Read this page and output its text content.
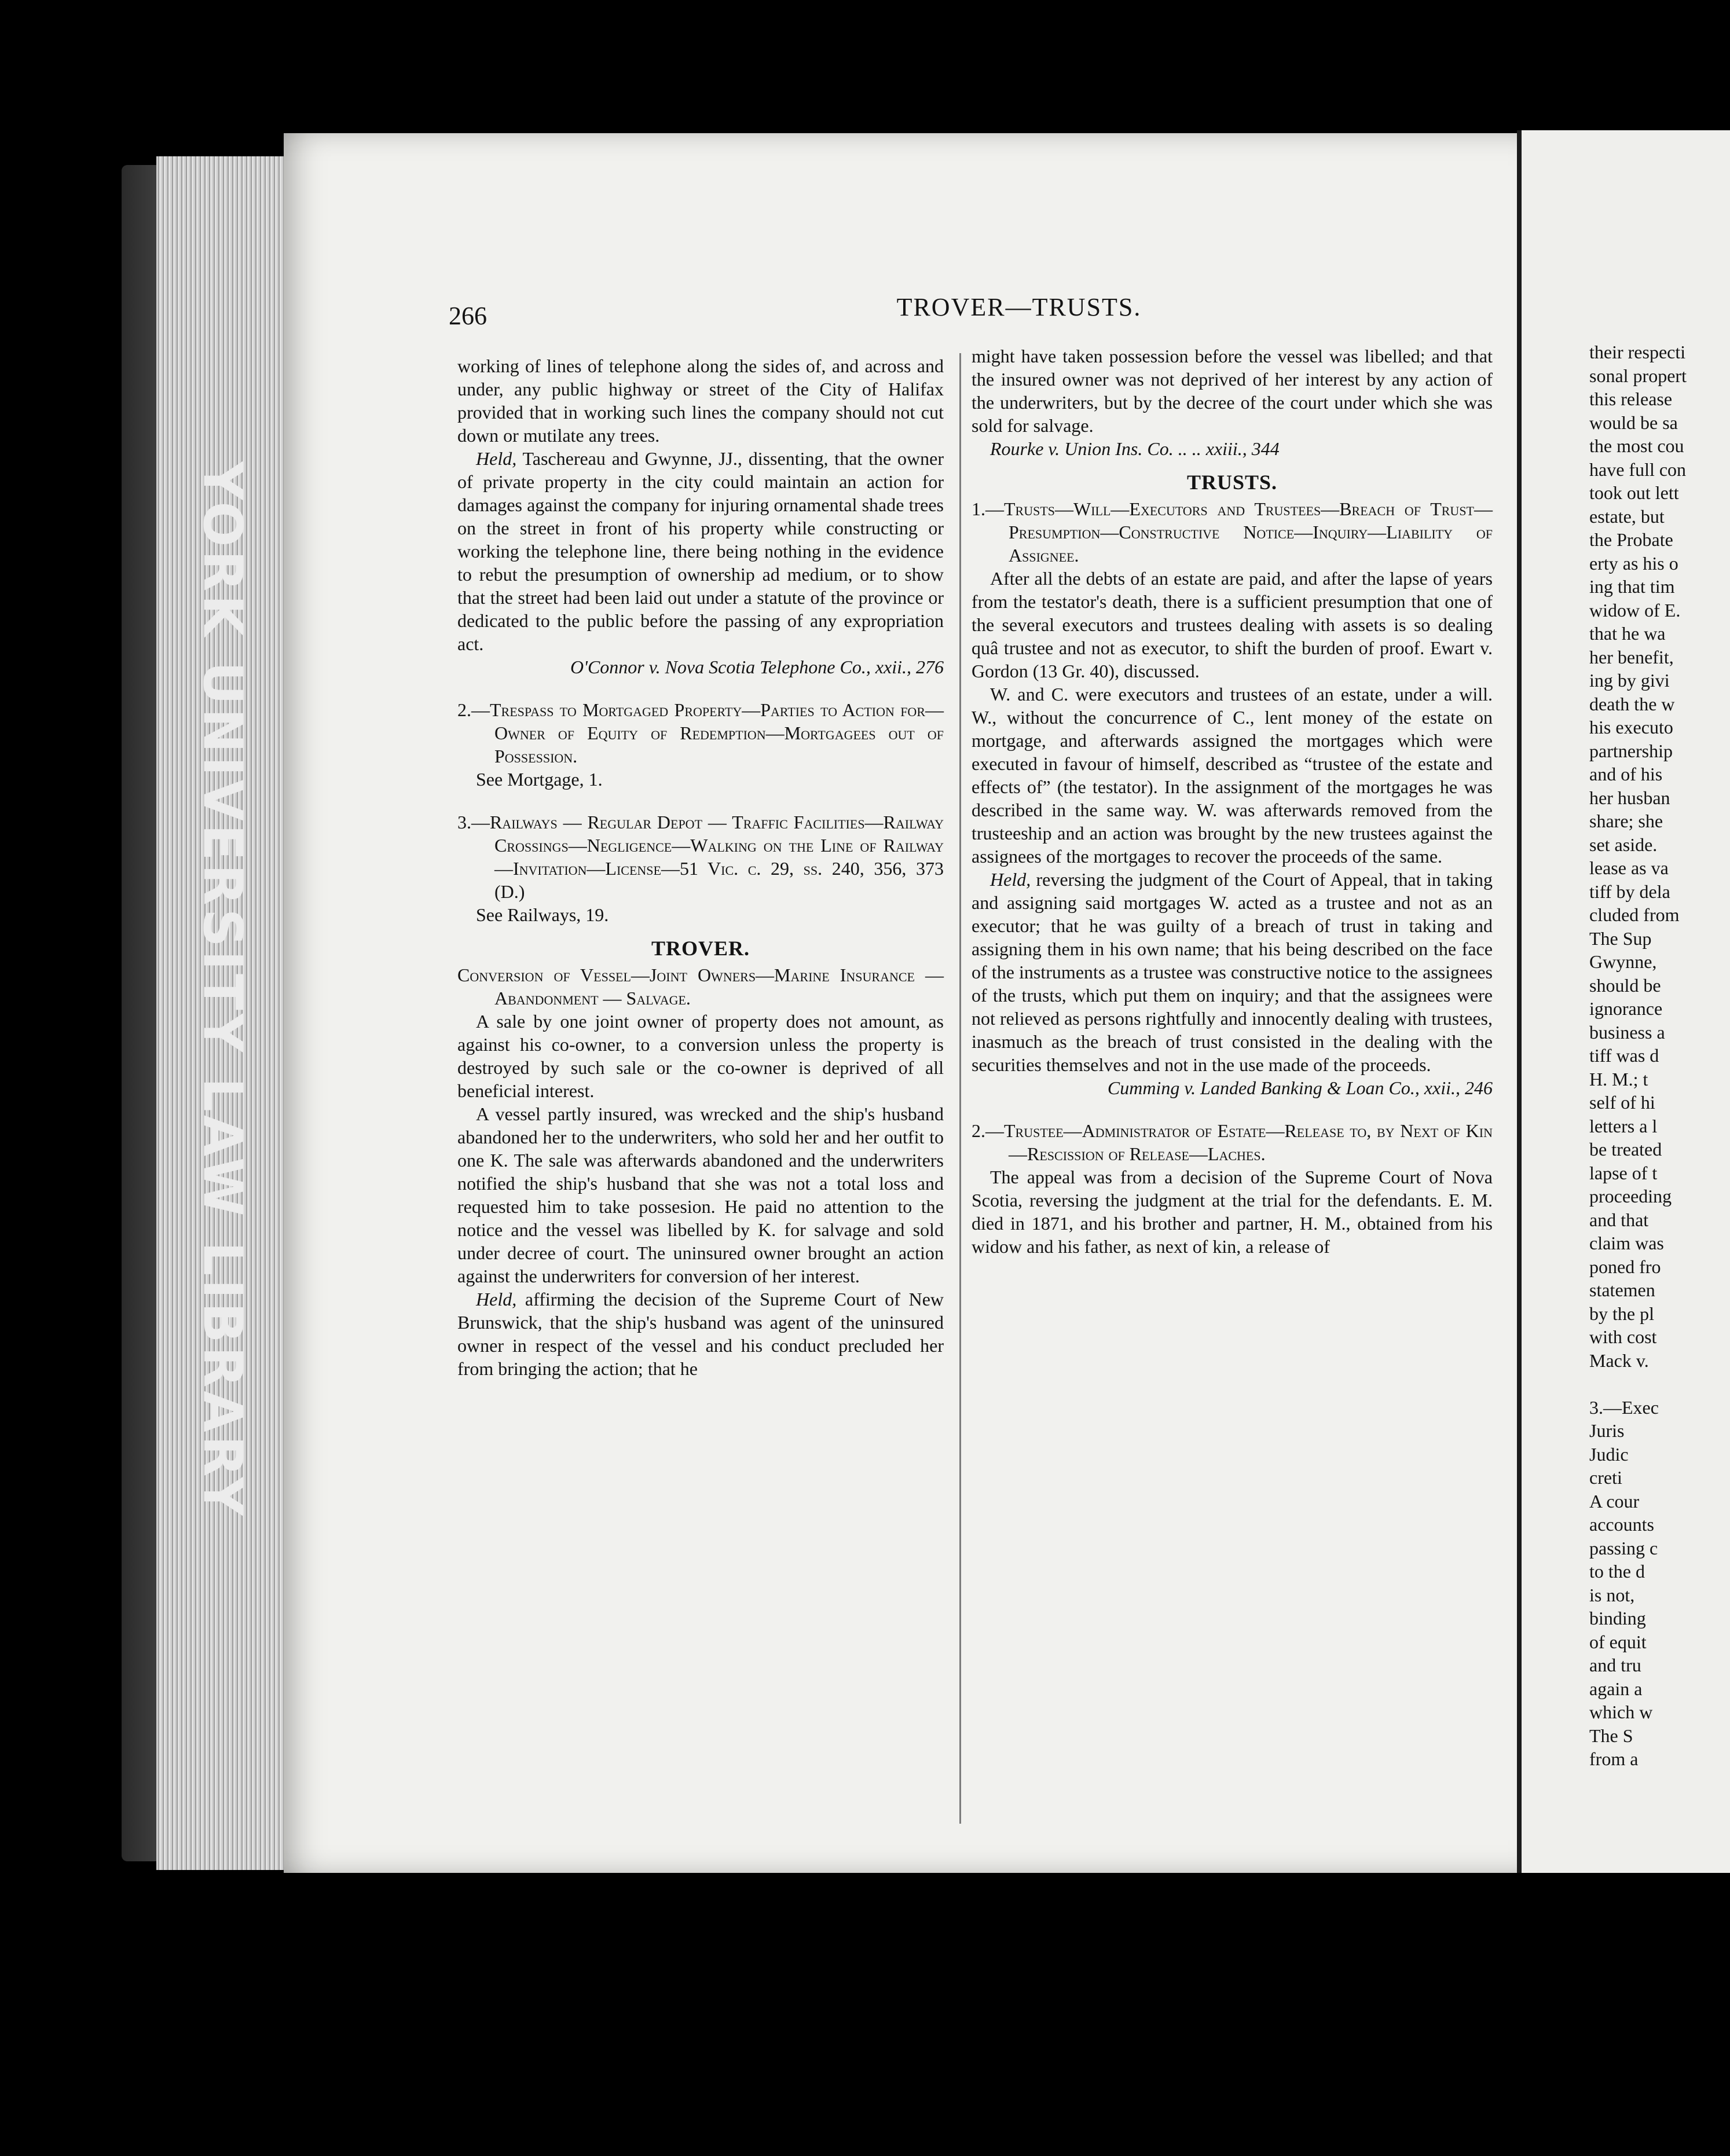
YORK UNIVERSITY LAW LIBRARY
266	TROVER—TRUSTS.

working of lines of telephone along the sides of, and across and under, any public highway or street of the City of Halifax provided that in working such lines the company should not cut down or mutilate any trees.

Held, Taschereau and Gwynne, JJ., dissenting, that the owner of private property in the city could maintain an action for damages against the company for injuring ornamental shade trees on the street in front of his property while constructing or working the telephone line, there being nothing in the evidence to rebut the presumption of ownership ad medium, or to show that the street had been laid out under a statute of the province or dedicated to the public before the passing of any expropriation act.

O'Connor v. Nova Scotia Telephone Co., xxii., 276

2.—Trespass to Mortgaged Property—Parties to Action for—Owner of Equity of Redemption—Mortgagees out of Possession.

See Mortgage, 1.

3.—Railways — Regular Depot — Traffic Facilities—Railway Crossings—Negligence—Walking on the Line of Railway—Invitation—License—51 Vic. c. 29, ss. 240, 356, 373 (D.)

See Railways, 19.

TROVER.

Conversion of Vessel—Joint Owners—Marine Insurance — Abandonment — Salvage.

A sale by one joint owner of property does not amount, as against his co-owner, to a conversion unless the property is destroyed by such sale or the co-owner is deprived of all beneficial interest.

A vessel partly insured, was wrecked and the ship's husband abandoned her to the underwriters, who sold her and her outfit to one K. The sale was afterwards abandoned and the underwriters notified the ship's husband that she was not a total loss and requested him to take possesion. He paid no attention to the notice and the vessel was libelled by K. for salvage and sold under decree of court. The uninsured owner brought an action against the underwriters for conversion of her interest.

Held, affirming the decision of the Supreme Court of New Brunswick, that the ship's husband was agent of the uninsured owner in respect of the vessel and his conduct precluded her from bringing the action; that he

might have taken possession before the vessel was libelled; and that the insured owner was not deprived of her interest by any action of the underwriters, but by the decree of the court under which she was sold for salvage.

Rourke v. Union Ins. Co. .. .. xxiii., 344

TRUSTS.

1.—Trusts—Will—Executors and Trustees—Breach of Trust—Presumption—Constructive Notice—Inquiry—Liability of Assignee.

After all the debts of an estate are paid, and after the lapse of years from the testator's death, there is a sufficient presumption that one of the several executors and trustees dealing with assets is so dealing quâ trustee and not as executor, to shift the burden of proof. Ewart v. Gordon (13 Gr. 40), discussed.

W. and C. were executors and trustees of an estate, under a will. W., without the concurrence of C., lent money of the estate on mortgage, and afterwards assigned the mortgages which were executed in favour of himself, described as “trustee of the estate and effects of” (the testator). In the assignment of the mortgages he was described in the same way. W. was afterwards removed from the trusteeship and an action was brought by the new trustees against the assignees of the mortgages to recover the proceeds of the same.

Held, reversing the judgment of the Court of Appeal, that in taking and assigning said mortgages W. acted as a trustee and not as an executor; that he was guilty of a breach of trust in taking and assigning them in his own name; that his being described on the face of the instruments as a trustee was constructive notice to the assignees of the trusts, which put them on inquiry; and that the assignees were not relieved as persons rightfully and innocently dealing with trustees, inasmuch as the breach of trust consisted in the dealing with the securities themselves and not in the use made of the proceeds.

Cumming v. Landed Banking & Loan Co., xxii., 246

2.—Trustee—Administrator of Estate—Release to, by Next of Kin—Rescission of Release—Laches.

The appeal was from a decision of the Supreme Court of Nova Scotia, reversing the judgment at the trial for the defendants. E. M. died in 1871, and his brother and partner, H. M., obtained from his widow and his father, as next of kin, a release of

their respecti

sonal propert

this release

would be sa

the most cou

have full con

took out lett

estate, but

the Probate

erty as his o

ing that tim

widow of E.

that he wa

her benefit,

ing by givi

death the w

his executo

partnership

and of his

her husban

share; she

set aside.

lease as va

tiff by dela

cluded from

The Sup

Gwynne,

should be

ignorance

business a

tiff was d

H. M.; t

self of hi

letters a l

be treated

lapse of t

proceeding

and that

claim was

poned fro

statemen

by the pl

with cost

Mack v.

3.—Exec

Juris

Judic

creti

A cour

accounts

passing c

to the d

is not,

binding

of equit

and tru

again a

which w

The S

from a
